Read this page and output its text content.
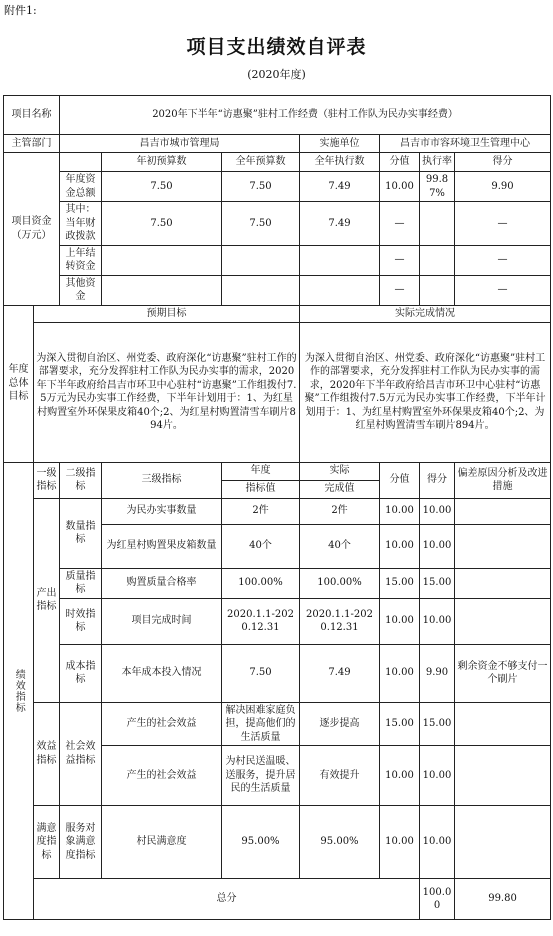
附件1:
项目支出绩效自评表
(2020年度)
项目名称		2020年下半年“访惠聚”驻村工作经费（驻村工作队为民办实事经费）							
主管部门		昌吉市城市管理局			实施单位	昌吉市市容环境卫生管理中心			
项目资金（万元）			年初预算数	全年预算数	全年执行数	分值	执行率	得分	
		年度资金总额	7.50	7.50	7.49	10.00	99.87%	9.90	
		其中：当年财政拨款	7.50	7.50	7.49	—		—	
		上年结转资金				—		—	
		其他资金				—		—	
年度总体目标	预期目标				实际完成情况				
	为深入贯彻自治区、州党委、政府深化“访惠聚”驻村工作的部署要求，充分发挥驻村工作队为民办实事的需求，2020年下半年政府给昌吉市环卫中心驻村“访惠聚”工作组拨付7.5万元为民办实事工作经费，下半年计划用于：1、为红星村购置室外环保果皮箱40个;2、为红星村购置清雪车刷片894片。				为深入贯彻自治区、州党委、政府深化“访惠聚”驻村工作的部署要求，充分发挥驻村工作队为民办实事的需求，2020年下半年政府给昌吉市环卫中心驻村“访惠聚”工作组拨付7.5万元为民办实事工作经费，下半年计划用于：1、为红星村购置室外环保果皮箱40个;2、为红星村购置清雪车刷片894片。				

绩效指标	一级指标	二级指标	三级指标	年度	实际	分值	得分	偏差原因分析及改进措施	
				指标值	完成值				
	产出指标	数量指标	为民办实事数量	2件	2件	10.00	10.00		
			为红星村购置果皮箱数量	40个	40个	10.00	10.00		
		质量指标	购置质量合格率	100.00%	100.00%	15.00	15.00		
		时效指标	项目完成时间	2020.1.1-2020.12.31	2020.1.1-2020.12.31	10.00	10.00		
		成本指标	本年成本投入情况	7.50	7.49	10.00	9.90	剩余资金不够支付一个刷片	
	效益指标	社会效益指标	产生的社会效益	解决困难家庭负担，提高他们的生活质量	逐步提高	15.00	15.00		
			产生的社会效益	为村民送温暖、送服务，提升居民的生活质量	有效提升	10.00	10.00		
	满意度指标	服务对象满意度指标	村民满意度	95.00%	95.00%	10.00	10.00		
	总分						100.00	99.80	
